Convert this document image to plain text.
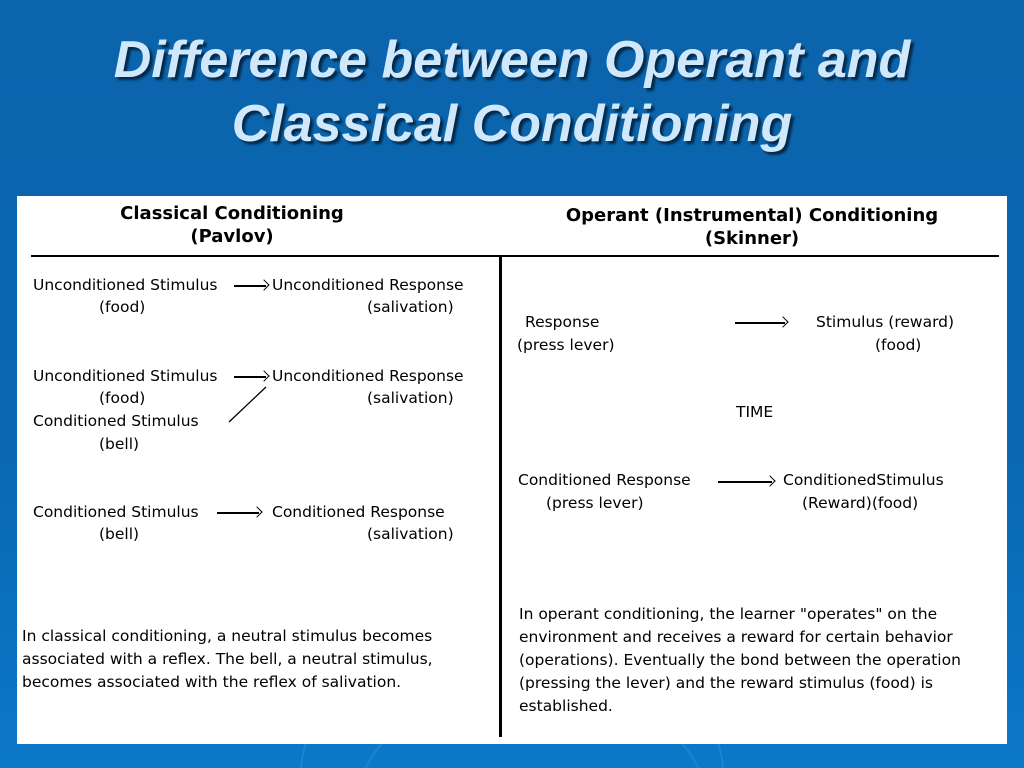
Difference between Operant and
Classical Conditioning
Classical Conditioning
(Pavlov)
Operant (Instrumental) Conditioning
(Skinner)
Unconditioned Stimulus	Unconditioned Response
(food)	(salivation)
Unconditioned Stimulus	Unconditioned Response
(food)	(salivation)
Conditioned Stimulus
(bell)
Conditioned Stimulus	Conditioned Response
(bell)	(salivation)
In classical conditioning, a neutral stimulus becomes
associated with a reflex. The bell, a neutral stimulus,
becomes associated with the reflex of salivation.
Response	Stimulus (reward)
(press lever)	(food)
TIME
Conditioned Response	ConditionedStimulus
(press lever)	(Reward)(food)
In operant conditioning, the learner "operates" on the
environment and receives a reward for certain behavior
(operations). Eventually the bond between the operation
(pressing the lever) and the reward stimulus (food) is
established.
